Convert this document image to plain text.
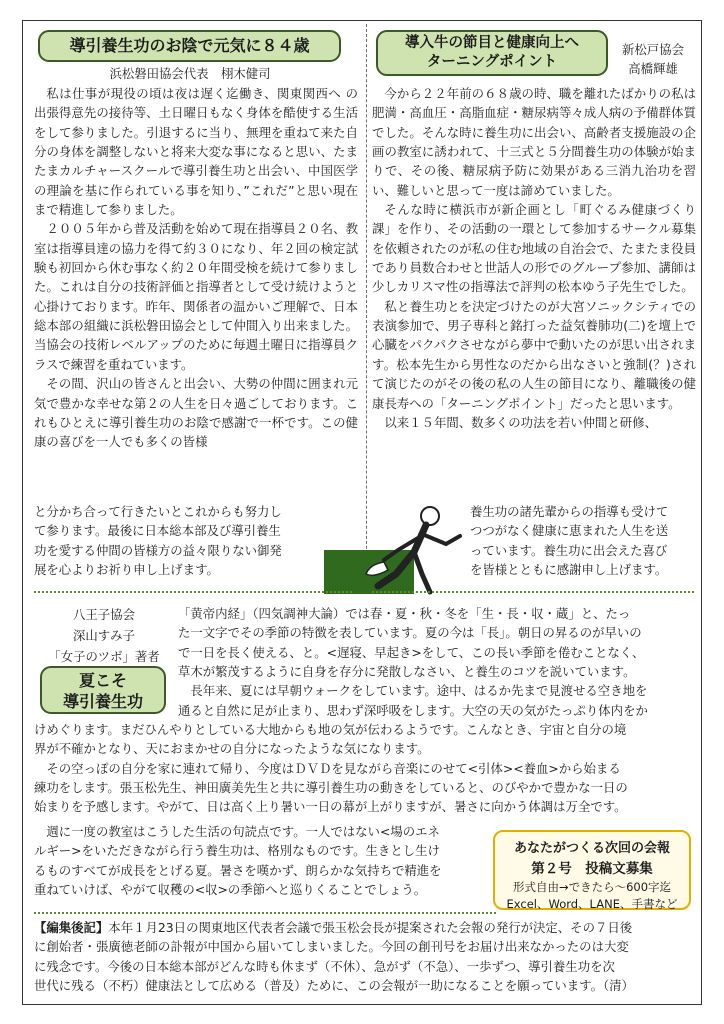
導引養生功のお陰で元気に８４歳
浜松磐田協会代表　栩木健司

私は仕事が現役の頃は夜は遅く迄働き、関東関西へ の出張得意先の接待等、土日曜日もなく身体を酷使する生活をして参りました。引退するに当り、無理を重ねて来た自分の身体を調整しないと将来大変な事になると思い、たまたまカルチャースクールで導引養生功と出会い、中国医学の理論を基に作られている事を知り、”これだ”と思い現在まで精進して参りました。

２００５年から普及活動を始めて現在指導員２０名、教室は指導員達の協力を得て約３０になり、年２回の検定試験も初回から休む事なく約２０年間受検を続けて参りました。これは自分の技術評価と指導者として受け続けようと心掛けております。昨年、関係者の温かいご理解で、日本総本部の組織に浜松磐田協会として仲間入り出来ました。当協会の技術レベルアップのために毎週土曜日に指導員クラスで練習を重ねています。

その間、沢山の皆さんと出会い、大勢の仲間に囲まれ元気で豊かな幸せな第２の人生を日々過ごしております。これもひとえに導引養生功のお陰で感謝で一杯です。この健康の喜びを一人でも多くの皆様

と分かち合って行きたいとこれからも努力し

て参ります。最後に日本総本部及び導引養生

功を愛する仲間の皆様方の益々限りない御発

展を心よりお祈り申し上げます。

導入牛の節目と健康向上へ
ターニングポイント
新松戸協会
高橋輝雄

今から２２年前の６８歳の時、職を離れたばかりの私は肥満・高血圧・高脂血症・糖尿病等々成人病の予備群体質でした。そんな時に養生功に出会い、高齢者支援施設の企画の教室に誘われて、十三式と５分間養生功の体験が始まりで、その後、糖尿病予防に効果がある三消九治功を習い、難しいと思って一度は諦めていました。

そんな時に横浜市が新企画とし「町ぐるみ健康づくり課」を作り、その活動の一環として参加するサークル募集を依頼されたのが私の住む地域の自治会で、たまたま役員であり員数合わせと世話人の形でのグループ参加、講師は少しカリスマ性の指導法で評判の松本ゆう子先生でした。

私と養生功とを決定づけたのが大宮ソニックシティでの表演参加で、男子専科と銘打った益気養肺功(二)を壇上で心臓をパクパクさせながら夢中で動いたのが思い出されます。松本先生から男性なのだから出なさいと強制(？)されて演じたのがその後の私の人生の節目になり、離職後の健康長寿への「ターニングポイント」だったと思います。

以来１５年間、数多くの功法を若い仲間と研修、

養生功の諸先輩からの指導も受けて

つつがなく健康に恵まれた人生を送

っています。養生功に出会えた喜び

を皆様とともに感謝申し上げます。

八王子協会
深山すみ子
「女子のツボ」著者
夏こそ
導引養生功

「黄帝内経」（四気調神大論）では春・夏・秋・冬を「生・長・収・蔵」と、たっ

た一文字でその季節の特徴を表しています。夏の今は「長」。朝日の昇るのが早いの

で一日を長く使える、と。<遅寝、早起き>をして、この長い季節を倦むことなく、

草木が繁茂するように自身を存分に発散しなさい、と養生のコツを説いています。

　長年来、夏には早朝ウォークをしています。途中、はるか先まで見渡せる空き地を

通ると自然に足が止まり、思わず深呼吸をします。大空の天の気がたっぷり体内をか

けめぐります。まだひんやりとしている大地からも地の気が伝わるようです。こんなとき、宇宙と自分の境

界が不確かとなり、天におまかせの自分になったような気になります。

　その空っぽの自分を家に連れて帰り、今度はＤＶＤを見ながら音楽にのせて<引体><養血>から始まる

練功をします。張玉松先生、神田廣美先生と共に導引養生功の動きをしていると、のびやかで豊かな一日の

始まりを予感します。やがて、日は高く上り暑い一日の幕が上がりますが、暑さに向かう体調は万全です。

　週に一度の教室はこうした生活の句読点です。一人ではない<場のエネ

ルギー>をいただきながら行う養生功は、格別なものです。生きとし生け

るものすべてが成長をとげる夏。暑さを嘆かず、朗らかな気持ちで精進を

重ねていけば、やがて収穫の<収>の季節へと巡りくることでしょう。

あなたがつくる次回の会報
第２号　投稿文募集
形式自由→できたら～600字迄
Excel、Word、LANE、手書など

【編集後記】本年１月23日の関東地区代表者会議で張玉松会長が提案された会報の発行が決定、その７日後

に創始者・張廣徳老師の訃報が中国から届いてしまいました。今回の創刊号をお届け出来なかったのは大変

に残念です。今後の日本総本部がどんな時も休まず（不休）、急がず（不急）、一歩ずつ、導引養生功を次

世代に残る（不朽）健康法として広める（普及）ために、この会報が一助になることを願っています。（清）
